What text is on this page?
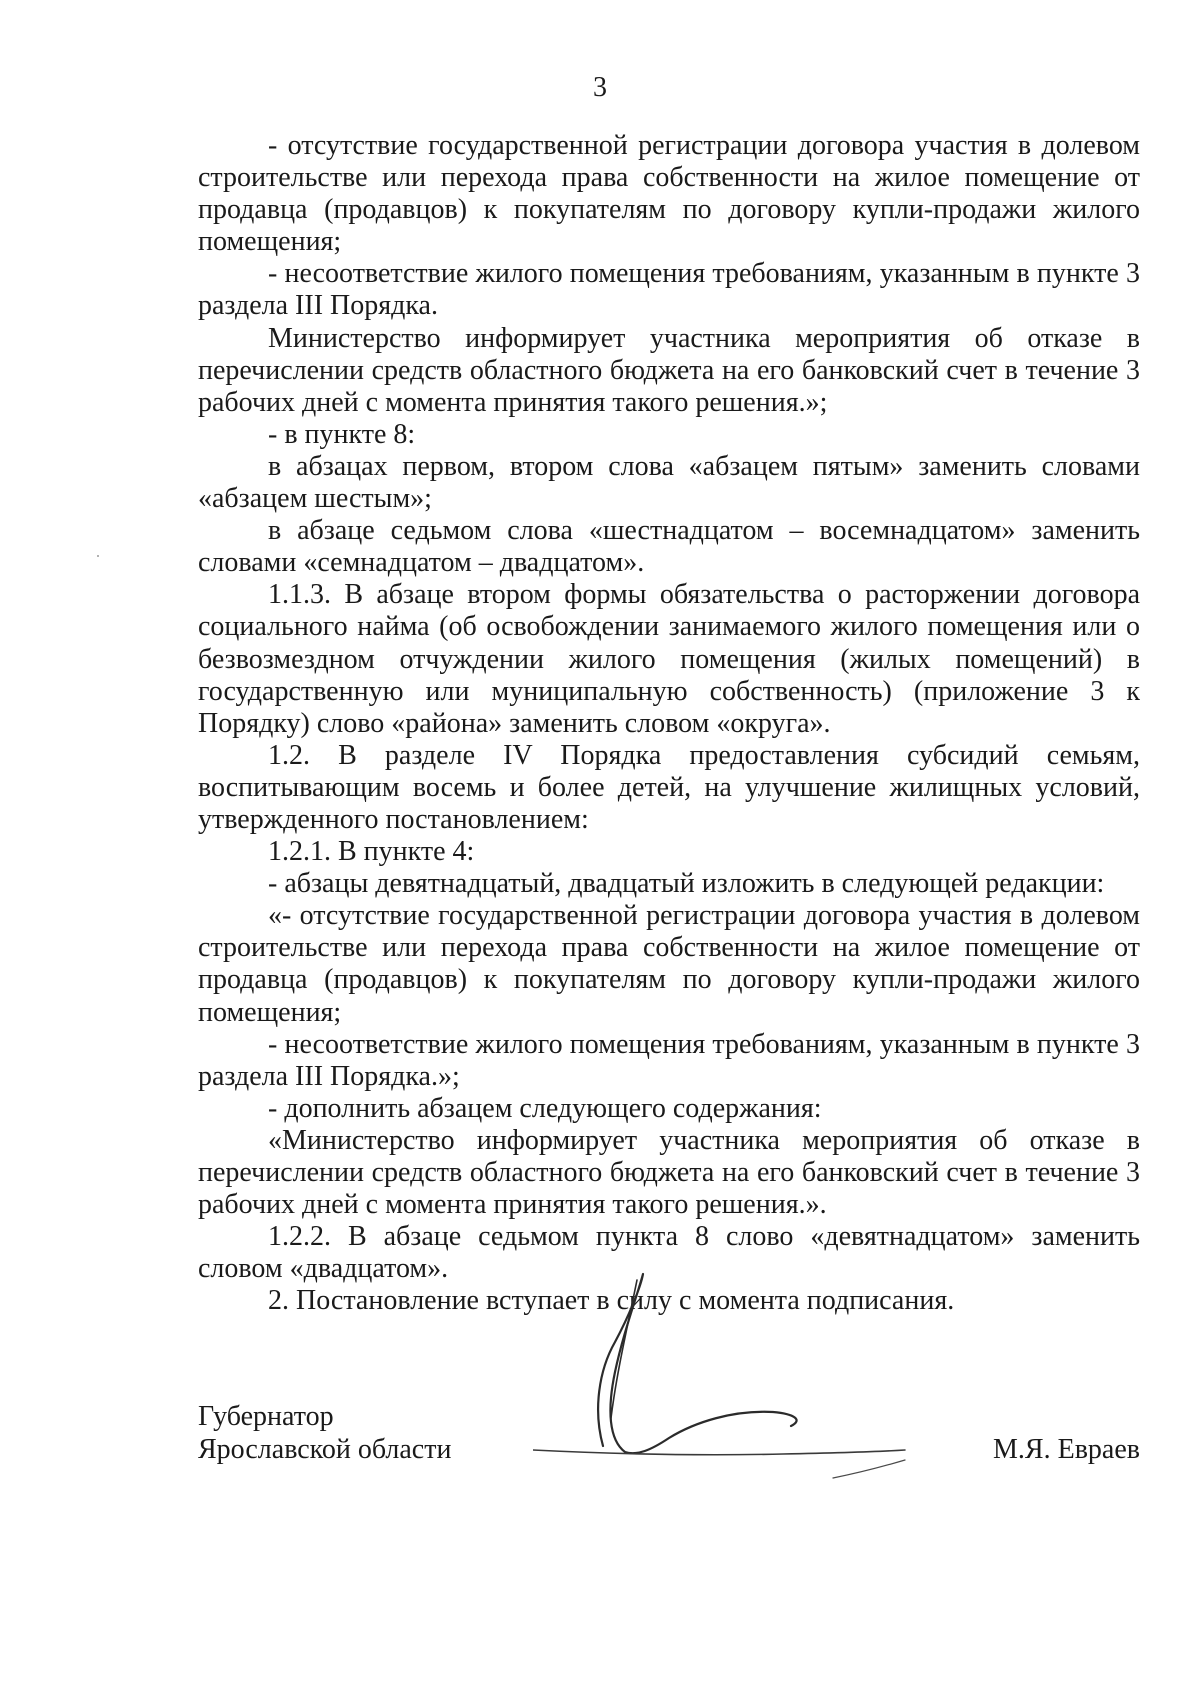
3

- отсутствие государственной регистрации договора участия в долевом строительстве или перехода права собственности на жилое помещение от продавца (продавцов) к покупателям по договору купли-продажи жилого помещения;

- несоответствие жилого помещения требованиям, указанным в пункте 3 раздела III Порядка.

Министерство информирует участника мероприятия об отказе в перечислении средств областного бюджета на его банковский счет в течение 3 рабочих дней с момента принятия такого решения.»;

- в пункте 8:

в абзацах первом, втором слова «абзацем пятым» заменить словами «абзацем шестым»;

в абзаце седьмом слова «шестнадцатом – восемнадцатом» заменить словами «семнадцатом – двадцатом».

1.1.3. В абзаце втором формы обязательства о расторжении договора социального найма (об освобождении занимаемого жилого помещения или о безвозмездном отчуждении жилого помещения (жилых помещений) в государственную или муниципальную собственность) (приложение 3 к Порядку) слово «района» заменить словом «округа».

1.2. В разделе IV Порядка предоставления субсидий семьям, воспитывающим восемь и более детей, на улучшение жилищных условий, утвержденного постановлением:

1.2.1. В пункте 4:

- абзацы девятнадцатый, двадцатый изложить в следующей редакции:

«- отсутствие государственной регистрации договора участия в долевом строительстве или перехода права собственности на жилое помещение от продавца (продавцов) к покупателям по договору купли-продажи жилого помещения;

- несоответствие жилого помещения требованиям, указанным в пункте 3 раздела III Порядка.»;

- дополнить абзацем следующего содержания:

«Министерство информирует участника мероприятия об отказе в перечислении средств областного бюджета на его банковский счет в течение 3 рабочих дней с момента принятия такого решения.».

1.2.2. В абзаце седьмом пункта 8 слово «девятнадцатом» заменить словом «двадцатом».

2. Постановление вступает в силу с момента подписания.

Губернатор
Ярославской области	М.Я. Евраев
